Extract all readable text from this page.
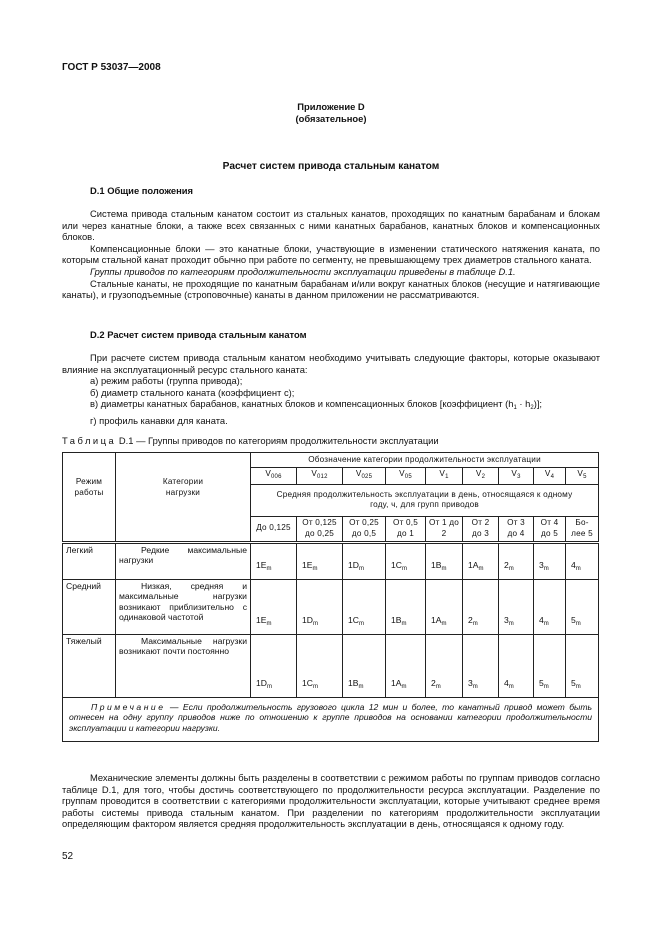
ГОСТ Р 53037—2008
Приложение D
(обязательное)
Расчет систем привода стальным канатом
D.1 Общие положения
Система привода стальным канатом состоит из стальных канатов, проходящих по канатным барабанам и блокам или через канатные блоки, а также всех связанных с ними канатных барабанов, канатных блоков и компенсационных блоков.
Компенсационные блоки — это канатные блоки, участвующие в изменении статического натяжения каната, по которым стальной канат проходит обычно при работе по сегменту, не превышающему трех диаметров стального каната.
Группы приводов по категориям продолжительности эксплуатации приведены в таблице D.1.
Стальные канаты, не проходящие по канатным барабанам и/или вокруг канатных блоков (несущие и натягивающие канаты), и грузоподъемные (строповочные) канаты в данном приложении не рассматриваются.
D.2 Расчет систем привода стальным канатом
При расчете систем привода стальным канатом необходимо учитывать следующие факторы, которые оказывают влияние на эксплуатационный ресурс стального каната:
а) режим работы (группа привода);
б) диаметр стального каната (коэффициент с);
в) диаметры канатных барабанов, канатных блоков и компенсационных блоков [коэффициент $(h_1 \cdot h_2)$];
г) профиль канавки для каната.
Таблица D.1 — Группы приводов по категориям продолжительности эксплуатации
Режим работы	Категории нагрузки	Обозначение категории продолжительности эксплуатации								
		$V_{006}$	$V_{012}$	$V_{025}$	$V_{05}$	$V_1$	$V_2$	$V_3$	$V_4$	$V_5$
		Средняя продолжительность эксплуатации в день, относящаяся к одному году, ч, для групп приводов								
		До 0,125	От 0,125 до 0,25	От 0,25 до 0,5	От 0,5 до 1	От 1 до 2	От 2 до 3	От 3 до 4	От 4 до 5	Бо-лее 5
Легкий	Редкие максимальные нагрузки	$1E_m$	$1E_m$	$1D_m$	$1C_m$	$1B_m$	$1A_m$	$2_m$	$3_m$	$4_m$
Средний	Низкая, средняя и максимальные нагрузки возникают приблизительно с одинаковой частотой	$1E_m$	$1D_m$	$1C_m$	$1B_m$	$1A_m$	$2_m$	$3_m$	$4_m$	$5_m$
Тяжелый	Максимальные нагрузки возникают почти постоянно	$1D_m$	$1C_m$	$1B_m$	$1A_m$	$2_m$	$3_m$	$4_m$	$5_m$	$5_m$
Примечание — Если продолжительность грузового цикла 12 мин и более, то канатный привод может быть отнесен на одну группу приводов ниже по отношению к группе приводов на основании категории продолжительности эксплуатации и категории нагрузки.										
Механические элементы должны быть разделены в соответствии с режимом работы по группам приводов согласно таблице D.1, для того, чтобы достичь соответствующего по продолжительности ресурса эксплуатации. Разделение по группам проводится в соответствии с категориями продолжительности эксплуатации, которые учитывают среднее время работы системы привода стальным канатом. При разделении по категориям продолжительности эксплуатации определяющим фактором является средняя продолжительность эксплуатации в день, относящаяся к одному году.
52
